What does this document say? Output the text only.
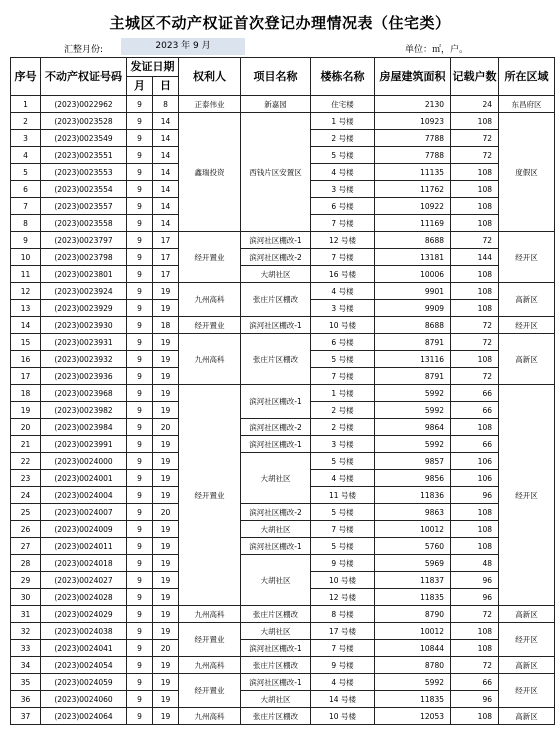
主城区不动产权证首次登记办理情况表（住宅类）
汇整月份:	2023 年 9 月	单位：㎡，户。
序号	不动产权证号码	发证日期		权利人	项目名称	楼栋名称	房屋建筑面积	记载户数	所在区域
		月	日						
1	(2023)0022962	9	8	正泰伟业	新嘉园	住宅楼	2130	24	东昌府区
2	(2023)0023528	9	14	鑫瑞投资	西钱片区安置区	1 号楼	10923	108	度假区
3	(2023)0023549	9	14			2 号楼	7788	72	
4	(2023)0023551	9	14			5 号楼	7788	72	
5	(2023)0023553	9	14			4 号楼	11135	108	
6	(2023)0023554	9	14			3 号楼	11762	108	
7	(2023)0023557	9	14			6 号楼	10922	108	
8	(2023)0023558	9	14			7 号楼	11169	108	
9	(2023)0023797	9	17	经开置业	滨河社区棚改-1	12 号楼	8688	72	经开区
10	(2023)0023798	9	17		滨河社区棚改-2	7 号楼	13181	144	
11	(2023)0023801	9	17		大胡社区	16 号楼	10006	108	
12	(2023)0023924	9	19	九州高科	张庄片区棚改	4 号楼	9901	108	高新区
13	(2023)0023929	9	19			3 号楼	9909	108	
14	(2023)0023930	9	18	经开置业	滨河社区棚改-1	10 号楼	8688	72	经开区
15	(2023)0023931	9	19	九州高科	张庄片区棚改	6 号楼	8791	72	高新区
16	(2023)0023932	9	19			5 号楼	13116	108	
17	(2023)0023936	9	19			7 号楼	8791	72	
18	(2023)0023968	9	19	经开置业	滨河社区棚改-1	1 号楼	5992	66	经开区
19	(2023)0023982	9	19			2 号楼	5992	66	
20	(2023)0023984	9	20		滨河社区棚改-2	2 号楼	9864	108	
21	(2023)0023991	9	19		滨河社区棚改-1	3 号楼	5992	66	
22	(2023)0024000	9	19		大胡社区	5 号楼	9857	106	
23	(2023)0024001	9	19			4 号楼	9856	106	
24	(2023)0024004	9	19			11 号楼	11836	96	
25	(2023)0024007	9	20		滨河社区棚改-2	5 号楼	9863	108	
26	(2023)0024009	9	19		大胡社区	7 号楼	10012	108	
27	(2023)0024011	9	19		滨河社区棚改-1	5 号楼	5760	108	
28	(2023)0024018	9	19		大胡社区	9 号楼	5969	48	
29	(2023)0024027	9	19			10 号楼	11837	96	
30	(2023)0024028	9	19			12 号楼	11835	96	
31	(2023)0024029	9	19	九州高科	张庄片区棚改	8 号楼	8790	72	高新区
32	(2023)0024038	9	19	经开置业	大胡社区	17 号楼	10012	108	经开区
33	(2023)0024041	9	20		滨河社区棚改-1	7 号楼	10844	108	
34	(2023)0024054	9	19	九州高科	张庄片区棚改	9 号楼	8780	72	高新区
35	(2023)0024059	9	19	经开置业	滨河社区棚改-1	4 号楼	5992	66	经开区
36	(2023)0024060	9	19		大胡社区	14 号楼	11835	96	
37	(2023)0024064	9	19	九州高科	张庄片区棚改	10 号楼	12053	108	高新区
